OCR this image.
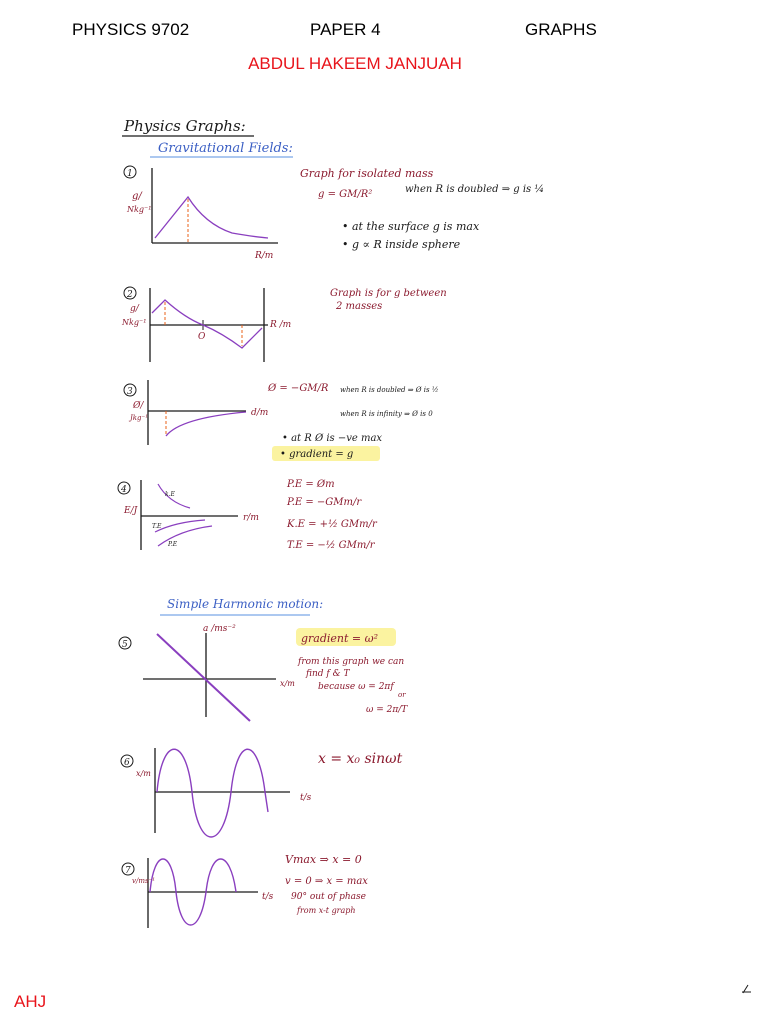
PHYSICS 9702	PAPER 4	GRAPHS
ABDUL HAKEEM JANJUAH
Physics Graphs:
Gravitational Fields:
1
g/
Nkg⁻¹
R/m
Graph for isolated mass
g = GM/R²	when R is doubled ⇒ g is ¼
• at the surface g is max
• g ∝ R inside sphere
2
g/
Nkg⁻¹	R /m
O
Graph is for g between
2 masses
3
Ø/
Jkg⁻¹	d/m
Ø = −GM/R when R is doubled ⇒ Ø is ½
when R is infinity ⇒ Ø is 0
• at R Ø is −ve max
• gradient = g
4
E/J
r/m
k.E
T.E
P.E
P.E = Øm
P.E = −GMm/r
K.E = +½ GMm/r
T.E = −½ GMm/r
Simple Harmonic motion:
5
a /ms⁻²
x/m
gradient = ω²
from this graph we can
find f & T
because ω = 2πf
or
ω = 2π/T
6
x/m
t/s
x = x₀ sinωt
7
v/ms⁻¹
t/s
Vmax ⇒ x = 0
v = 0 ⇒ x = max
90° out of phase
from x-t graph
AHJ
